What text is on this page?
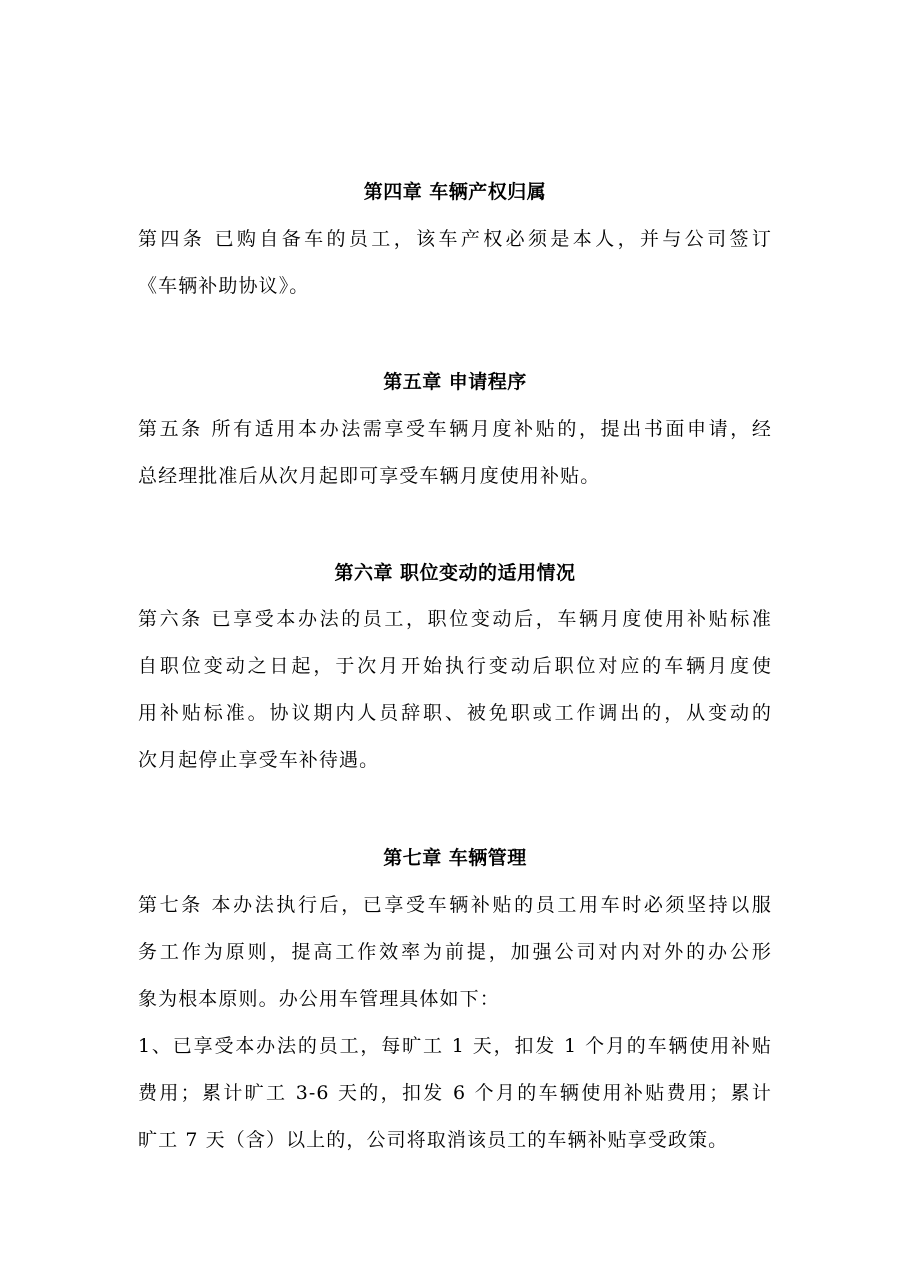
第四章 车辆产权归属
第四条 已购自备车的员工，该车产权必须是本人，并与公司签订
《车辆补助协议》。
第五章 申请程序
第五条 所有适用本办法需享受车辆月度补贴的，提出书面申请，经
总经理批准后从次月起即可享受车辆月度使用补贴。
第六章 职位变动的适用情况
第六条 已享受本办法的员工，职位变动后，车辆月度使用补贴标准
自职位变动之日起，于次月开始执行变动后职位对应的车辆月度使
用补贴标准。协议期内人员辞职、被免职或工作调出的，从变动的
次月起停止享受车补待遇。
第七章 车辆管理
第七条 本办法执行后，已享受车辆补贴的员工用车时必须坚持以服
务工作为原则，提高工作效率为前提，加强公司对内对外的办公形
象为根本原则。办公用车管理具体如下：
1、已享受本办法的员工，每旷工 1 天，扣发 1 个月的车辆使用补贴
费用；累计旷工 3-6 天的，扣发 6 个月的车辆使用补贴费用；累计
旷工 7 天（含）以上的，公司将取消该员工的车辆补贴享受政策。
